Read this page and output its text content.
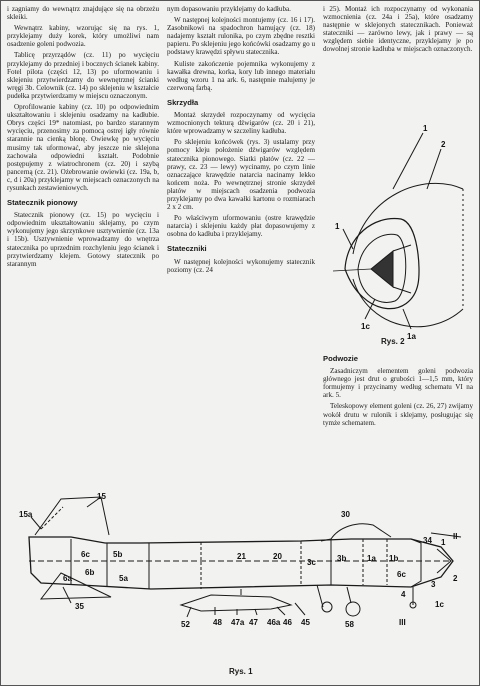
i zagniamy do wewnątrz znajdujące się na obrzeżu skleiki.

Wewnątrz kabiny, wzorując się na rys. 1, przyklejamy duży korek, który umożliwi nam osadzenie goleni podwozia.

Tablicę przyrządów (cz. 11) po wycięciu przyklejamy do przedniej i bocznych ścianek kabiny. Fotel pilota (części 12, 13) po uformowaniu i sklejeniu przytwierdzamy do wewnętrznej ścianki wręgi 3b. Celownik (cz. 14) po sklejeniu w kształcie pudełka przytwierdzamy w miejscu oznaczonym.

Oprofilowanie kabiny (cz. 10) po odpowiednim ukształtowaniu i sklejeniu osadzamy na kadłubie. Obrys części 19* natomiast, po bardzo starannym wycięciu, przenosimy za pomocą ostrej igły równie starannie na cienką błonę. Owiewkę po wycięciu musimy tak uformować, aby jeszcze nie sklejona zachowała odpowiedni kształt. Podobnie postępujemy z wiatrochronem (cz. 20) i szybą pancerną (cz. 21). Ożebrowanie owiewki (cz. 19a, b, c, d i 20a) przyklejamy w miejscach oznaczonych na rysunkach zestawieniowych.

Statecznik pionowy

Statecznik pionowy (cz. 15) po wycięciu i odpowiednim ukształtowaniu sklejamy, po czym wykonujemy jego skrzynkowe usztywnienie (cz. 13a i 15b). Usztywnienie wprowadzamy do wnętrza statecznika po uprzednim rozchyleniu jego ścianek i przytwierdzamy klejem. Gotowy statecznik po starannym

nym dopasowaniu przyklejamy do kadłuba.

W następnej kolejności montujemy (cz. 16 i 17). Zasobnikowi na spadochron hamujący (cz. 18) nadajemy kształt rulonika, po czym zbędne resztki papieru. Po sklejeniu jego końcówki osadzamy go u podstawy krawędzi spływu statecznika.

Kuliste zakończenie pojemnika wykonujemy z kawałka drewna, korka, kory lub innego materiału według wzoru 1 na ark. 6, następnie malujemy je czerwoną farbą.

Skrzydła

Montaż skrzydeł rozpoczynamy od wycięcia wzmocnionych tekturą dźwigarów (cz. 20 i 21), które wprowadzamy w szczeliny kadłuba.

Po sklejeniu końcówek (rys. 3) ustalamy przy pomocy kleju położenie dźwigarów względem statecznika pionowego. Siatki płatów (cz. 22 — prawy, cz. 23 — lewy) wycinamy, po czym linie oznaczające krawędzie natarcia nacinamy lekko końcem noża. Po wewnętrznej stronie skrzydeł płatów w miejscach osadzenia podwozia przyklejamy po dwa kawałki kartonu o rozmiarach 2 x 2 cm.

Po właściwym uformowaniu (ostre krawędzie natarcia) i sklejeniu każdy płat dopasowujemy z osobna do kadłuba i przyklejamy.

Stateczniki

W następnej kolejności wykonujemy statecznik poziomy (cz. 24

i 25). Montaż ich rozpoczynamy od wykonania wzmocnienia (cz. 24a i 25a), które osadzamy następnie w sklejonych statecznikach. Ponieważ stateczniki — zarówno lewy, jak i prawy — są względem siebie identyczne, przyklejamy je po dowolnej stronie kadłuba w miejscach oznaczonych.

1
2
1
1c
1a
Rys. 2
Podwozie

Zasadniczym elementem goleni podwozia głównego jest drut o grubości 1—1,5 mm, który formujemy i przycinamy według schematu VI na ark. 5.

Teleskopowy element goleni (cz. 26, 27) zwijamy wokół drutu w rulonik i sklejamy, posługując się tymże schematem.

15
15a
6c	5b
6b
6a	5a
35
52	48 47a 47 46a 46 45
21	20
3c
30
3b	1a 1b
1c
34 1
II
6c
58	III
3
4
2
Rys. 1
